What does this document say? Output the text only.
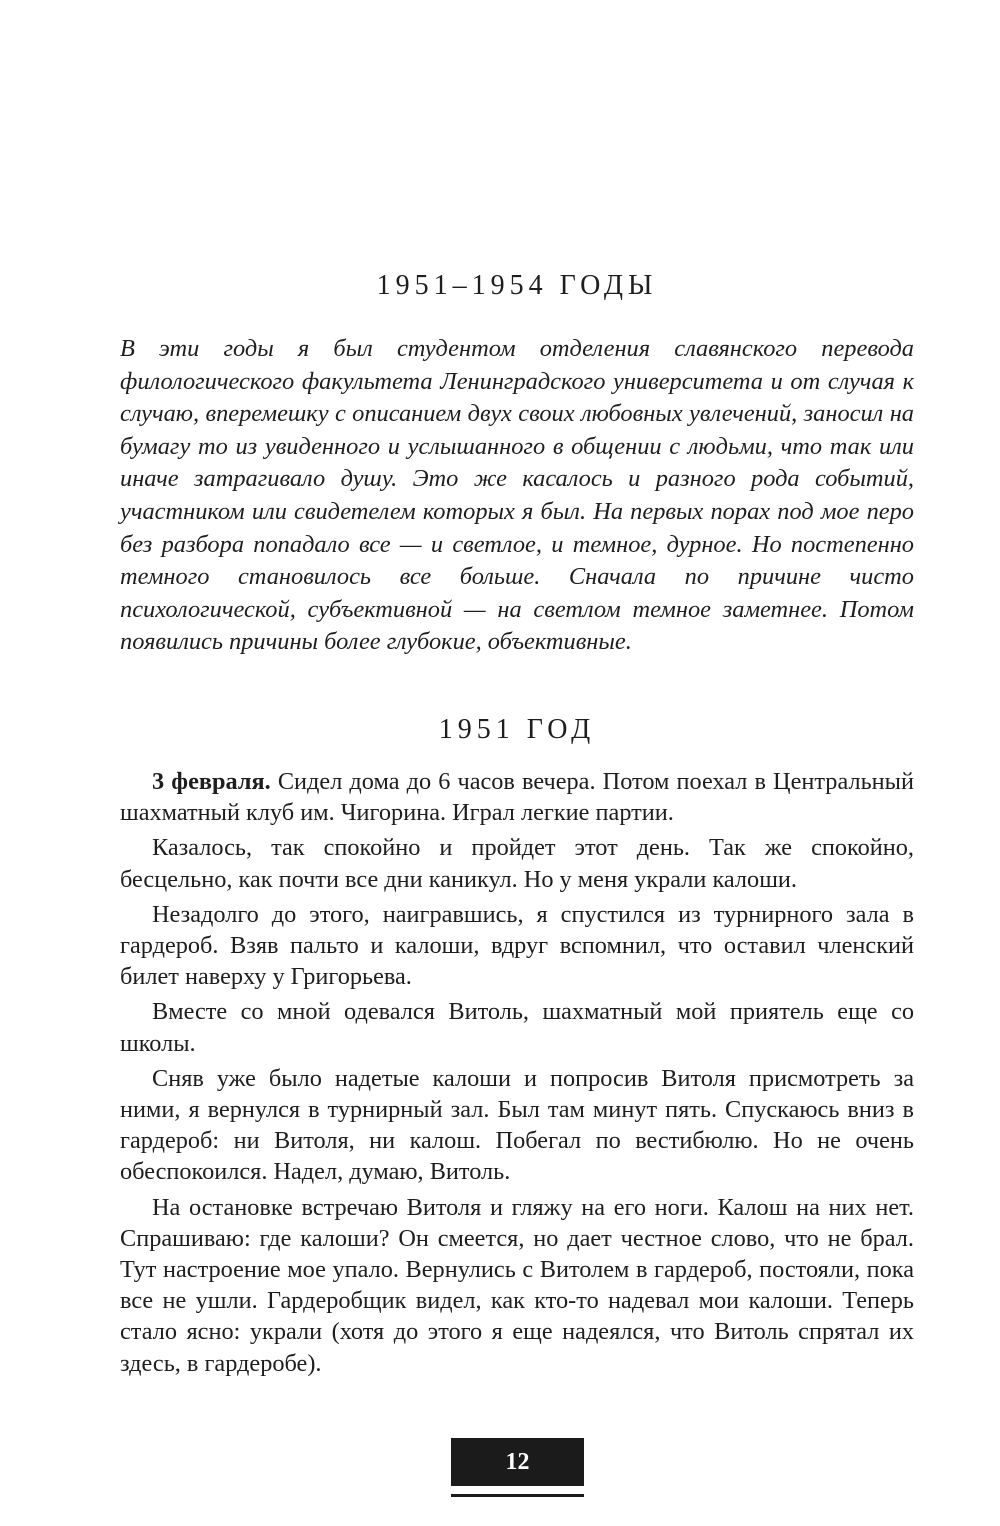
1951–1954 ГОДЫ

В эти годы я был студентом отделения славянского перевода филологического факультета Ленинградского университета и от случая к случаю, вперемешку с описанием двух своих любовных увлечений, заносил на бумагу то из увиденного и услышанного в общении с людьми, что так или иначе затрагивало душу. Это же касалось и разного рода событий, участником или свидетелем которых я был. На первых порах под мое перо без разбора попадало все — и светлое, и темное, дурное. Но постепенно темного становилось все больше. Сначала по причине чисто психологической, субъективной — на светлом темное заметнее. Потом появились причины более глубокие, объективные.

1951 ГОД

3 февраля. Сидел дома до 6 часов вечера. Потом поехал в Центральный шахматный клуб им. Чигорина. Играл легкие партии.

Казалось, так спокойно и пройдет этот день. Так же спокойно, бесцельно, как почти все дни каникул. Но у меня украли калоши.

Незадолго до этого, наигравшись, я спустился из турнирного зала в гардероб. Взяв пальто и калоши, вдруг вспомнил, что оставил членский билет наверху у Григорьева.

Вместе со мной одевался Витоль, шахматный мой приятель еще со школы.

Сняв уже было надетые калоши и попросив Витоля присмотреть за ними, я вернулся в турнирный зал. Был там минут пять. Спускаюсь вниз в гардероб: ни Витоля, ни калош. Побегал по вестибюлю. Но не очень обеспокоился. Надел, думаю, Витоль.

На остановке встречаю Витоля и гляжу на его ноги. Калош на них нет. Спрашиваю: где калоши? Он смеется, но дает честное слово, что не брал. Тут настроение мое упало. Вернулись с Витолем в гардероб, постояли, пока все не ушли. Гардеробщик видел, как кто-то надевал мои калоши. Теперь стало ясно: украли (хотя до этого я еще надеялся, что Витоль спрятал их здесь, в гардеробе).

12
